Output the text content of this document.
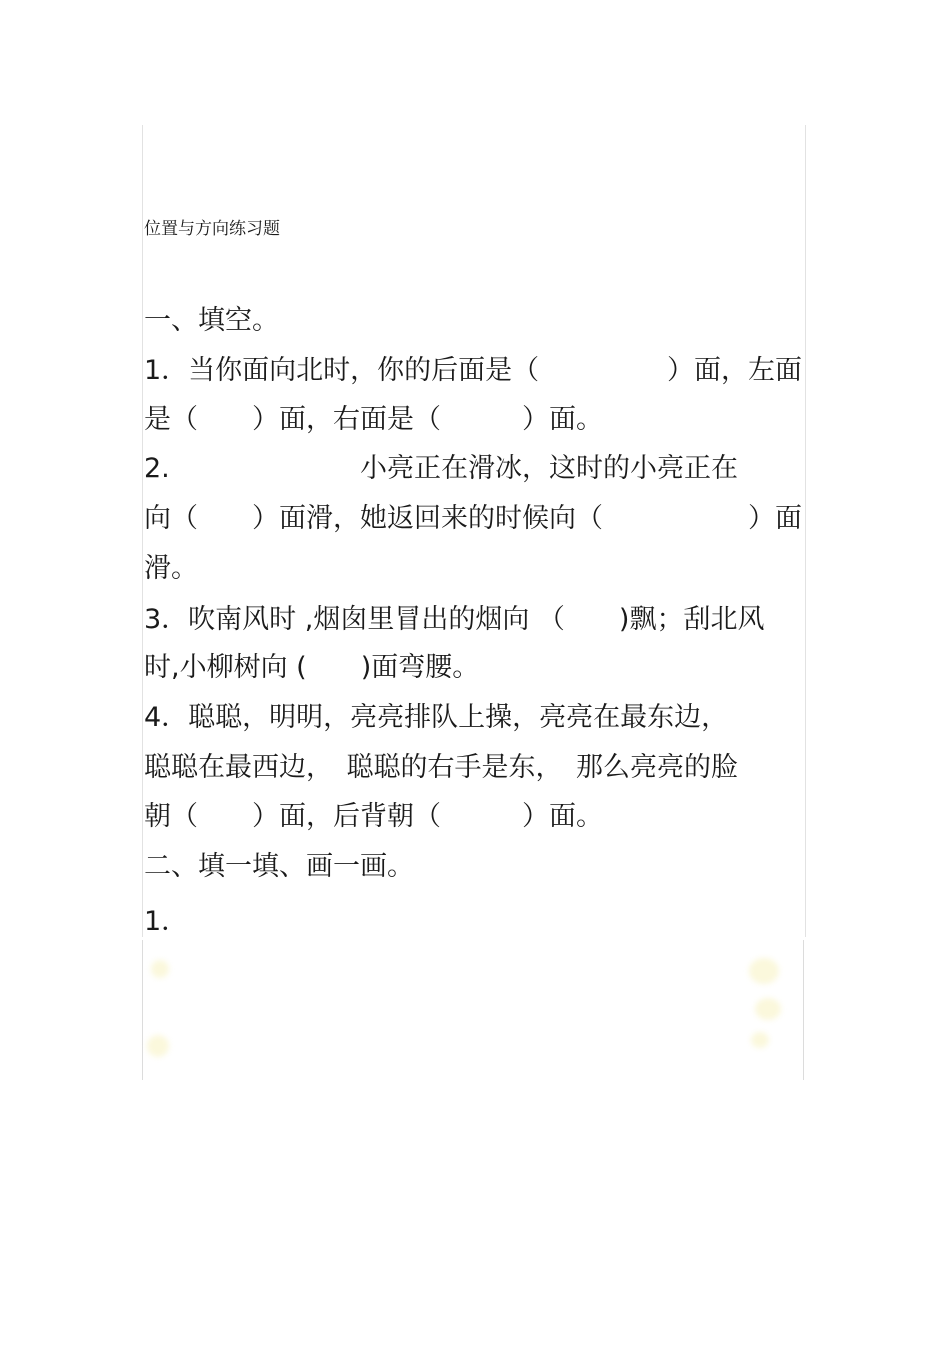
位置与方向练习题
一、填空。
1．当你面向北时，你的后面是（	）面，左面
是（　　）面，右面是（　　　）面。
2.	小亮正在滑冰，这时的小亮正在
向（　　）面滑，她返回来的时候向（	）面
滑。
3．吹南风时 ,烟囱里冒出的烟向 （　　)飘；刮北风
时,小柳树向 (　　)面弯腰。
4．聪聪，明明，亮亮排队上操，亮亮在最东边，
聪聪在最西边，　聪聪的右手是东，　那么亮亮的脸
朝（　　）面，后背朝（　　　）面。
二、填一填、画一画。
1．
